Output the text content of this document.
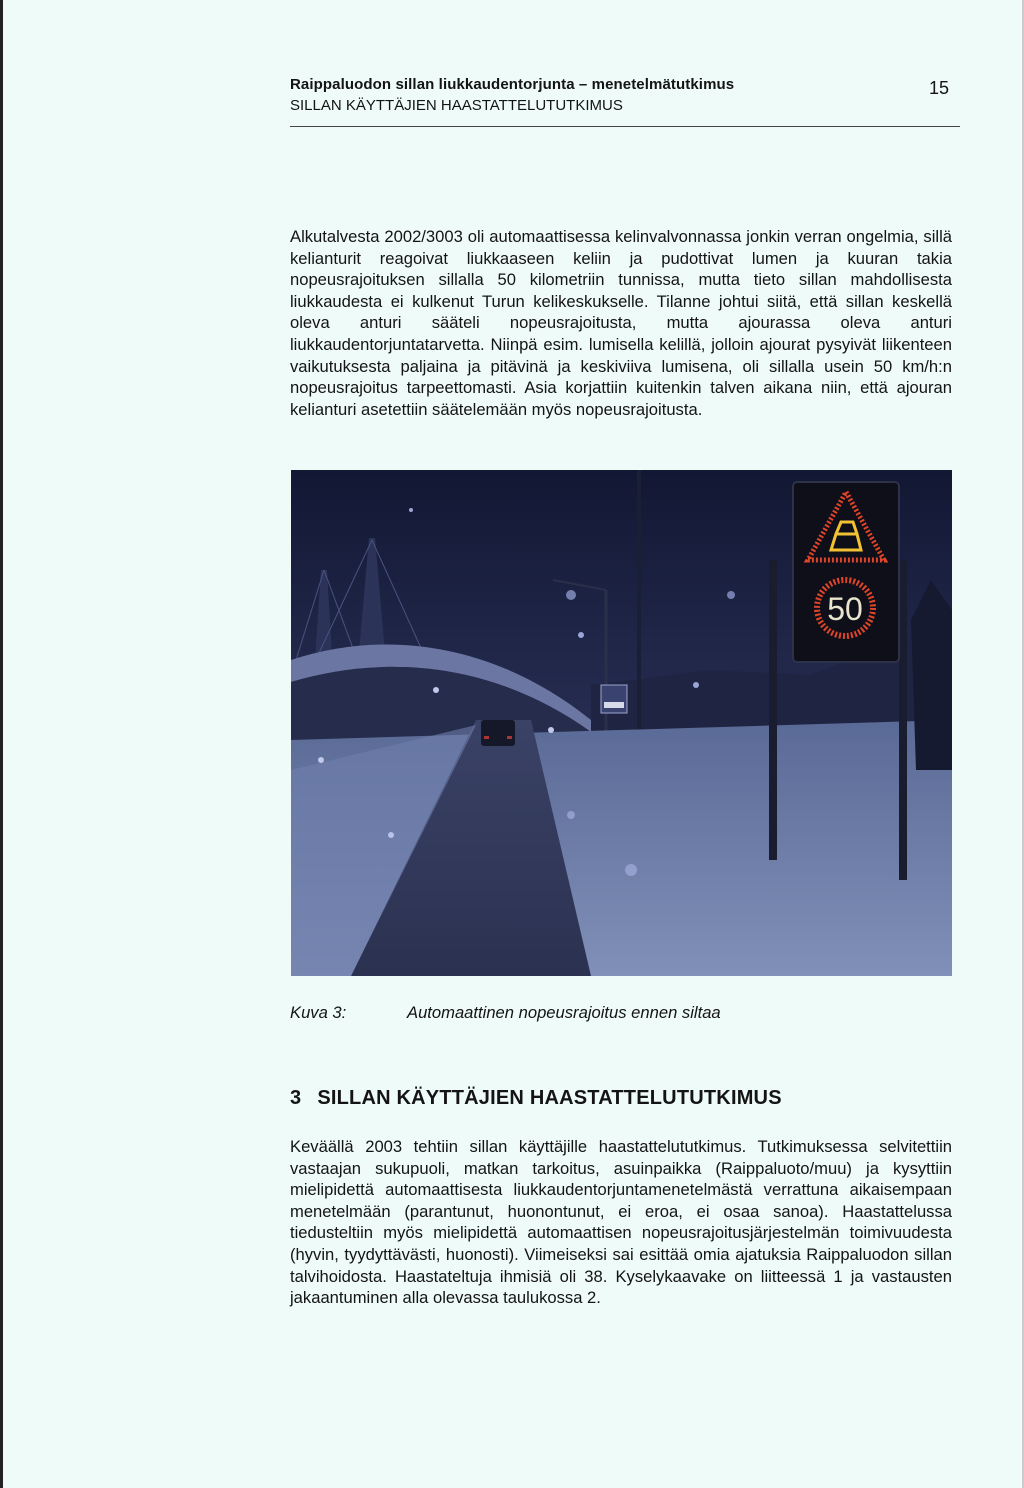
Raippaluodon sillan liukkaudentorjunta – menetelmätutkimus
SILLAN KÄYTTÄJIEN HAASTATTELUTUTKIMUS
15

Alkutalvesta 2002/3003 oli automaattisessa kelinvalvonnassa jonkin verran ongelmia, sillä kelianturit reagoivat liukkaaseen keliin ja pudottivat lumen ja kuuran takia nopeusrajoituksen sillalla 50 kilometriin tunnissa, mutta tieto sillan mahdollisesta liukkaudesta ei kulkenut Turun kelikeskukselle. Tilanne johtui siitä, että sillan keskellä oleva anturi sääteli nopeusrajoitusta, mutta ajourassa oleva anturi liukkaudentorjuntatarvetta. Niinpä esim. lumisella kelillä, jolloin ajourat pysyivät liikenteen vaikutuksesta paljaina ja pitävinä ja keskiviiva lumisena, oli sillalla usein 50 km/h:n nopeusrajoitus tarpeettomasti. Asia korjattiin kuitenkin talven aikana niin, että ajouran kelianturi asetettiin säätelemään myös nopeusrajoitusta.

50
Kuva 3:	Automaattinen nopeusrajoitus ennen siltaa
3 SILLAN KÄYTTÄJIEN HAASTATTELUTUTKIMUS

Keväällä 2003 tehtiin sillan käyttäjille haastattelututkimus. Tutkimuksessa selvitettiin vastaajan sukupuoli, matkan tarkoitus, asuinpaikka (Raippaluoto/muu) ja kysyttiin mielipidettä automaattisesta liukkaudentorjuntamenetelmästä verrattuna aikaisempaan menetelmään (parantunut, huonontunut, ei eroa, ei osaa sanoa). Haastattelussa tiedusteltiin myös mielipidettä automaattisen nopeusrajoitusjärjestelmän toimivuudesta (hyvin, tyydyttävästi, huonosti). Viimeiseksi sai esittää omia ajatuksia Raippaluodon sillan talvihoidosta. Haastateltuja ihmisiä oli 38. Kyselykaavake on liitteessä 1 ja vastausten jakaantuminen alla olevassa taulukossa 2.
